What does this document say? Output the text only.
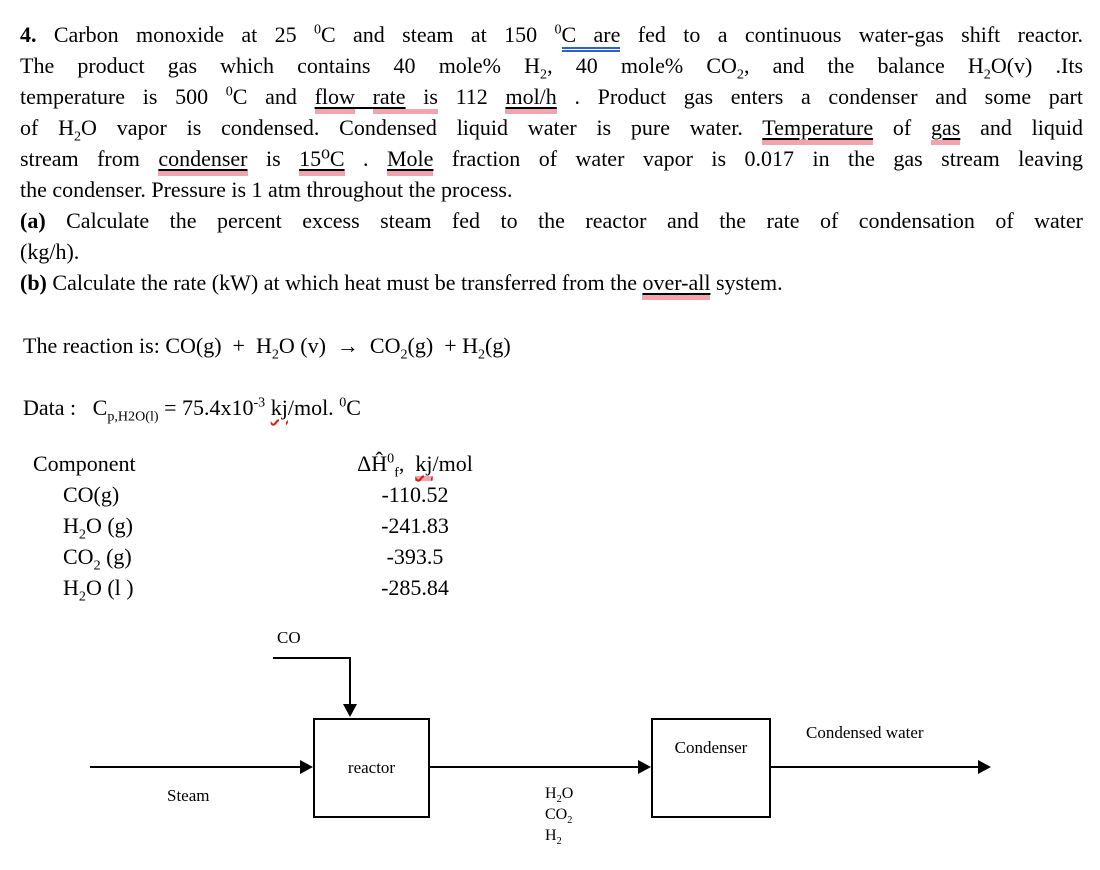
4. Carbon monoxide at 25 $^0$C and steam at 150 $^0$C are fed to a continuous water-gas shift reactor.
The product gas which contains 40 mole% $H_2$, 40 mole% $CO_2$, and the balance $H_2O(v)$ .Its
temperature is 500 $^0$C and flow rate is 112 mol/h . Product gas enters a condenser and some part
of $H_2O$ vapor is condensed. Condensed liquid water is pure water. Temperature of gas and liquid
stream from condenser is 15⁰C . Mole fraction of water vapor is 0.017 in the gas stream leaving
the condenser. Pressure is 1 atm throughout the process.
(a) Calculate the percent excess steam fed to the reactor and the rate of condensation of water
(kg/h).
(b) Calculate the rate (kW) at which heat must be transferred from the over-all system.
The reaction is: $CO(g) + H_2O$ $(v) \to CO_2(g) + H_2(g)$
Data :   $C_{p,H2O(l)} = 75.4x10^{-3}$ kj/mol. $^0$C
Component	$\Delta Ĥ^0_f$,  kj/mol
CO(g)	-110.52
$H_2O$ (g)	-241.83
$CO_2$ (g)	-393.5
$H_2O$ (l )	-285.84
CO
reactor
Steam	$H_2O$
$CO_2$
$H_2$
Condenser
Condensed water
